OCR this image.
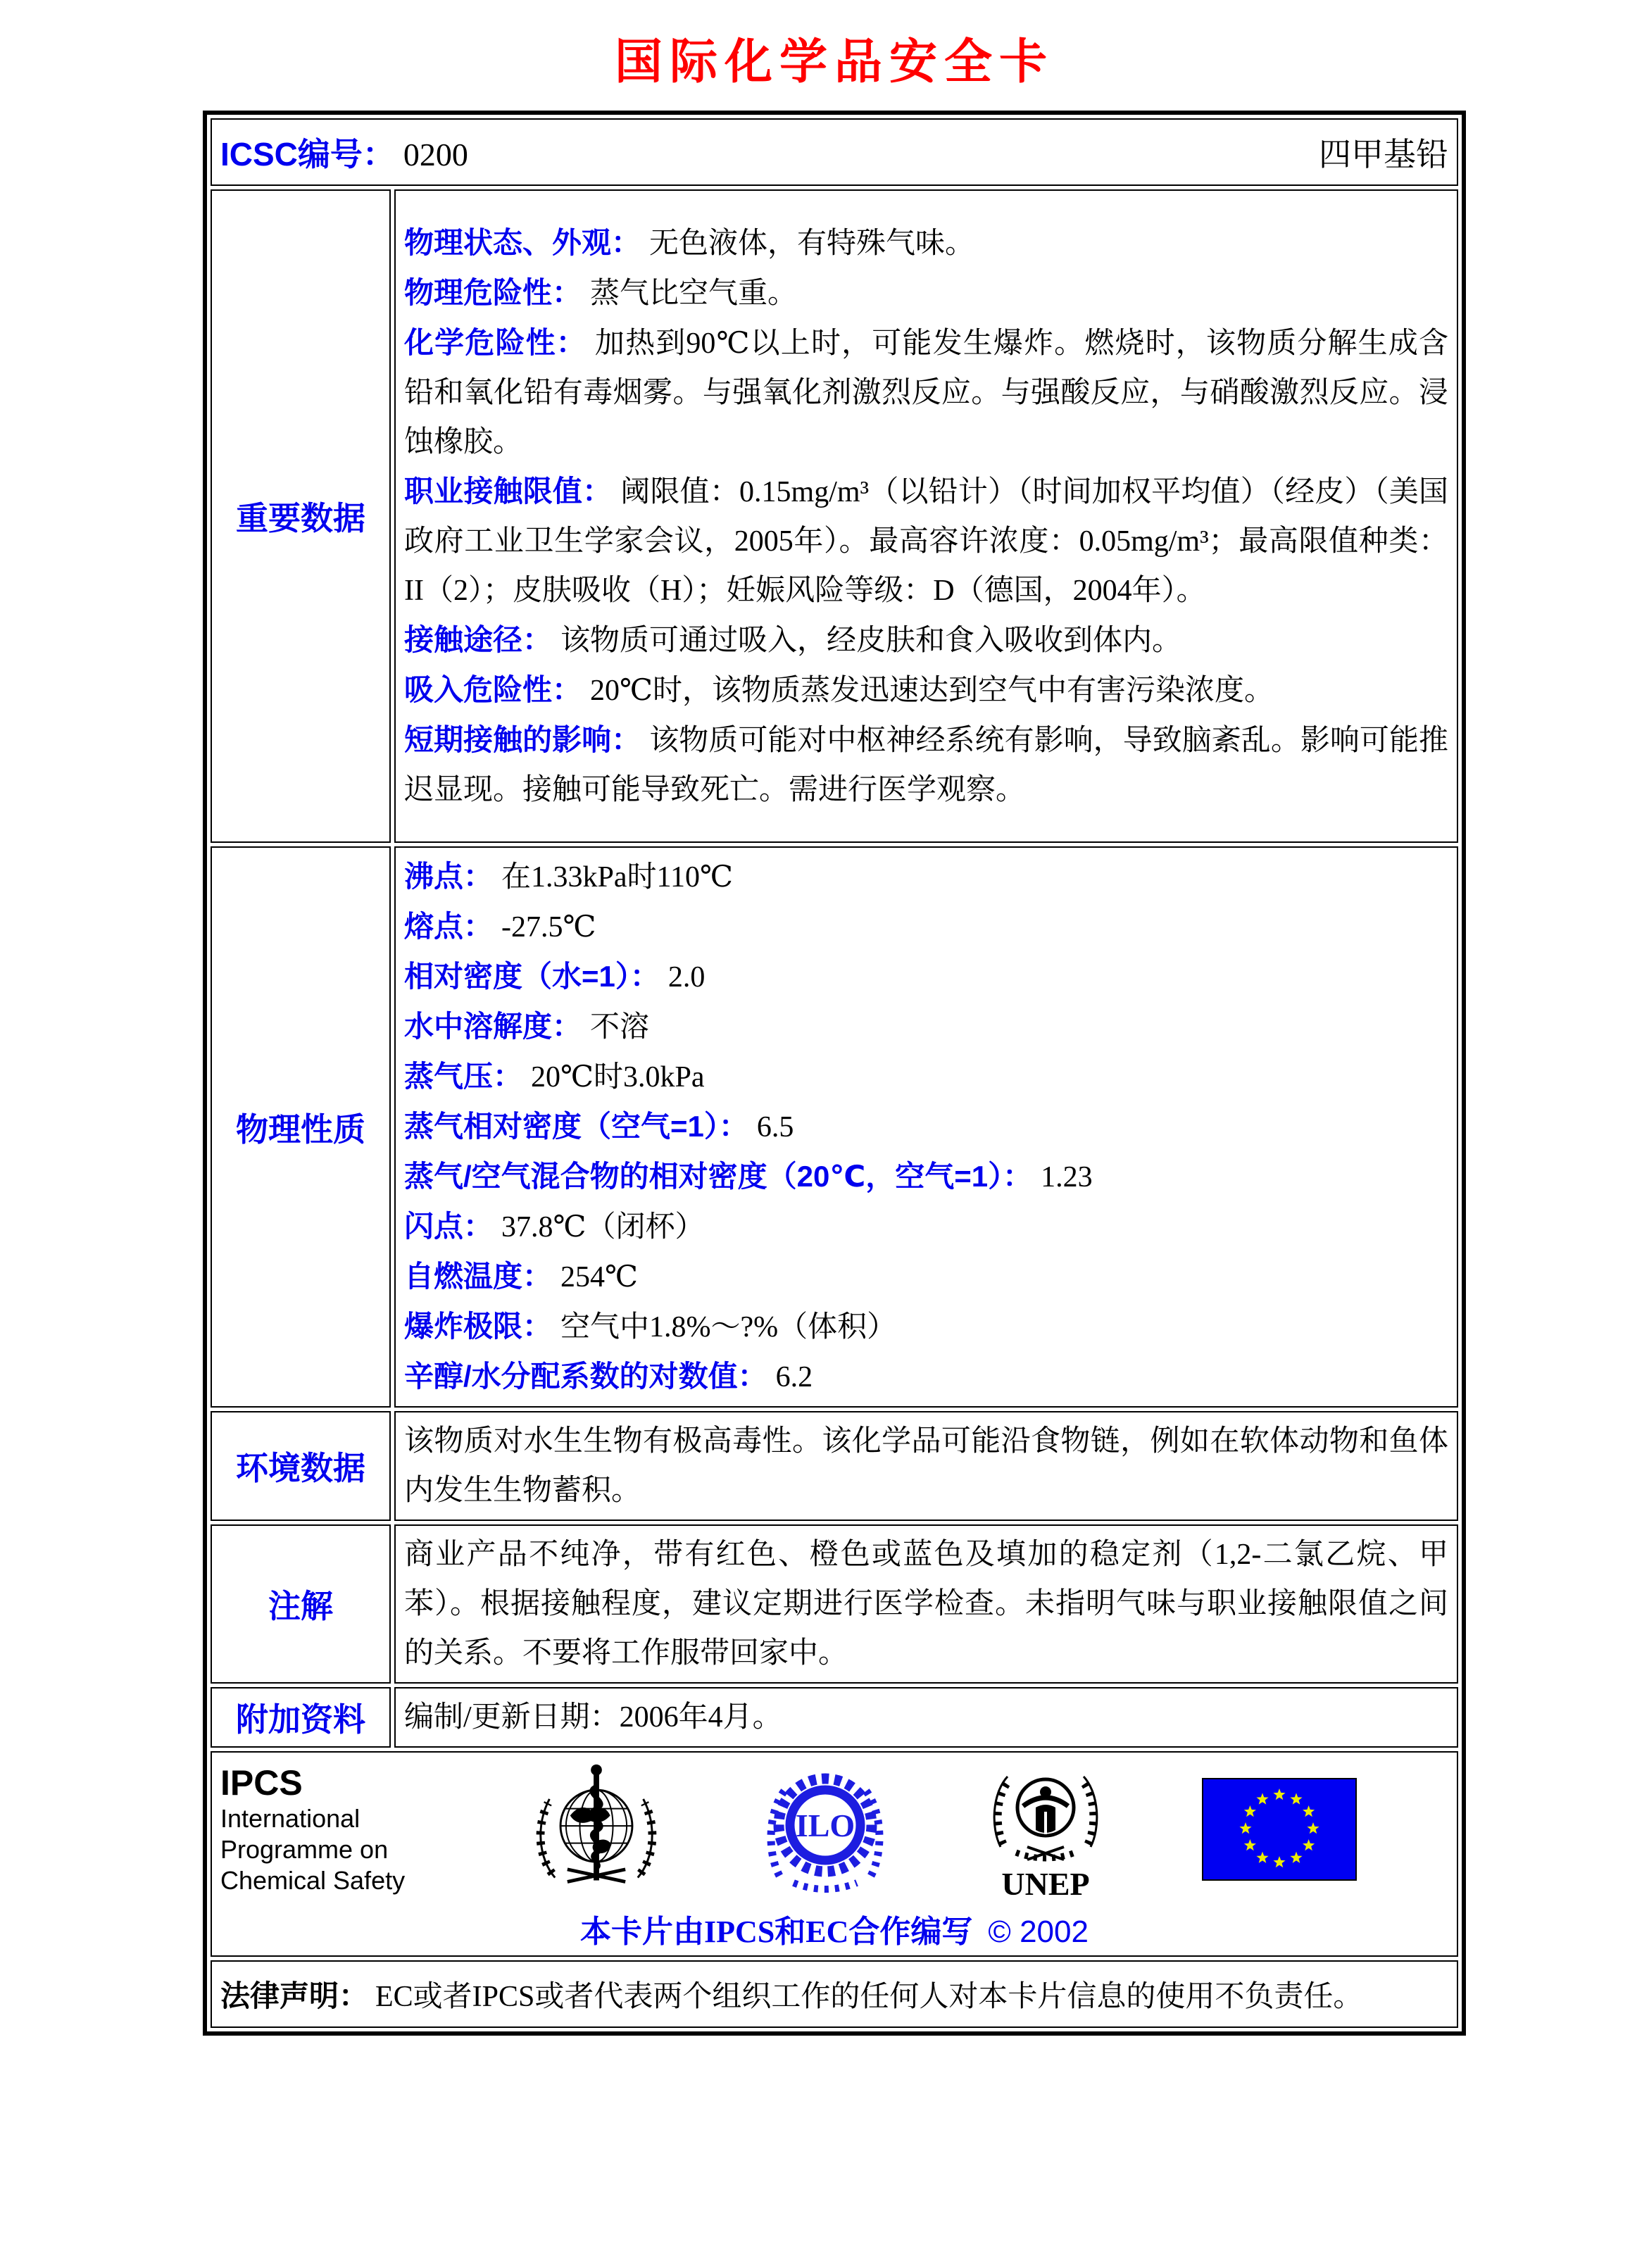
国际化学品安全卡
ICSC编号： 0200 四甲基铅	

重要数据	

物理状态、外观： 无色液体，有特殊气味。

物理危险性： 蒸气比空气重。

化学危险性： 加热到90℃以上时，可能发生爆炸。燃烧时，该物质分解生成含铅和氧化铅有毒烟雾。与强氧化剂激烈反应。与强酸反应，与硝酸激烈反应。浸蚀橡胶。

职业接触限值： 阈限值：0.15mg/m³（以铅计）（时间加权平均值）（经皮）（美国政府工业卫生学家会议，2005年）。最高容许浓度：0.05mg/m³；最高限值种类：II（2）；皮肤吸收（H）；妊娠风险等级：D（德国，2004年）。

接触途径： 该物质可通过吸入，经皮肤和食入吸收到体内。

吸入危险性： 20℃时，该物质蒸发迅速达到空气中有害污染浓度。

短期接触的影响： 该物质可能对中枢神经系统有影响，导致脑紊乱。影响可能推迟显现。接触可能导致死亡。需进行医学观察。

物理性质	

沸点： 在1.33kPa时110℃

熔点： -27.5℃

相对密度（水=1）： 2.0

水中溶解度： 不溶

蒸气压： 20℃时3.0kPa

蒸气相对密度（空气=1）： 6.5

蒸气/空气混合物的相对密度（20℃，空气=1）： 1.23

闪点： 37.8℃（闭杯）

自燃温度： 254℃

爆炸极限： 空气中1.8%～?%（体积）

辛醇/水分配系数的对数值： 6.2

环境数据	该物质对水生生物有极高毒性。该化学品可能沿食物链，例如在软体动物和鱼体内发生生物蓄积。

注解	商业产品不纯净，带有红色、橙色或蓝色及填加的稳定剂（1,2-二氯乙烷、甲苯）。根据接触程度，建议定期进行医学检查。未指明气味与职业接触限值之间的关系。不要将工作服带回家中。

附加资料	编制/更新日期：2006年4月。

IPCS
International
Programme on
Chemical Safety
ILO
UNEP
本卡片由IPCS和EC合作编写 © 2002

法律声明： EC或者IPCS或者代表两个组织工作的任何人对本卡片信息的使用不负责任。	
